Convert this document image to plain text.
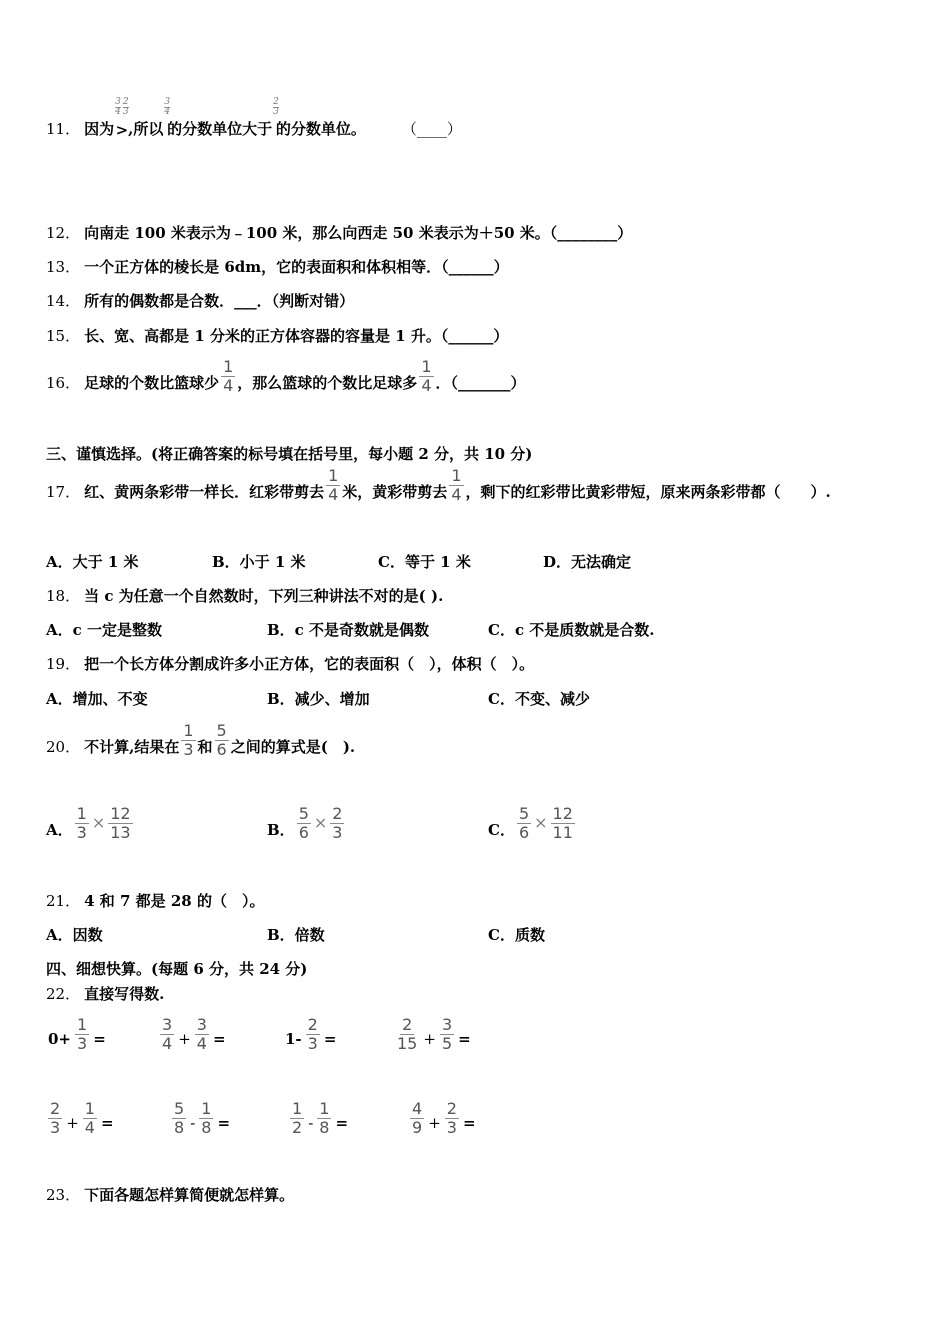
11． 因为
$\frac{3}{4} \frac{2}{3}$
> ,所以
$\frac{3}{4}$
的分数单位大于
$\frac{2}{3}$
的分数单位。 （____）
12． 向南走 100 米表示为﹣100 米，那么向西走 50 米表示为＋50 米。（________）
13． 一个正方体的棱长是 6dm，它的表面积和体积相等．（______）
14． 所有的偶数都是合数．___．（判断对错）
15． 长、宽、高都是 1 分米的正方体容器的容量是 1 升。（______）
16． 足球的个数比篮球少 $\frac{1}{4}$ ，那么篮球的个数比足球多 $\frac{1}{4}$ ．（_______）
三、谨慎选择。(将正确答案的标号填在括号里，每小题 2 分，共 10 分)
17． 红、黄两条彩带一样长．红彩带剪去 $\frac{1}{4}$ 米，黄彩带剪去 $\frac{1}{4}$ ，剩下的红彩带比黄彩带短，原来两条彩带都（　　）.
A．大于 1 米	B．小于 1 米	C．等于 1 米	D．无法确定
18． 当 c 为任意一个自然数时，下列三种讲法不对的是( ).
A．c 一定是整数	B．c 不是奇数就是偶数	C．c 不是质数就是合数.
19． 把一个长方体分割成许多小正方体，它的表面积（　），体积（　）。
A．增加、不变	B．减少、增加	C．不变、减少
20． 不计算,结果在 $\frac{1}{3}$ 和 $\frac{5}{6}$ 之间的算式是(　).
A． $\frac{1}{3} \times \frac{12}{13}$	B． $\frac{5}{6} \times \frac{2}{3}$	C． $\frac{5}{6} \times \frac{12}{11}$
21． 4 和 7 都是 28 的（　）。
A．因数	B．倍数	C．质数
四、细想快算。(每题 6 分，共 24 分)
22． 直接写得数.
$0+ \frac{1}{3}$ =	$\frac{3}{4} + \frac{3}{4}$ =	$1- \frac{2}{3}$ =	$\frac{2}{15} + \frac{3}{5}$ =
$\frac{2}{3} + \frac{1}{4}$ =	$\frac{5}{8} - \frac{1}{8}$ =	$\frac{1}{2} - \frac{1}{8}$ =	$\frac{4}{9} + \frac{2}{3}$ =
23． 下面各题怎样算简便就怎样算。
